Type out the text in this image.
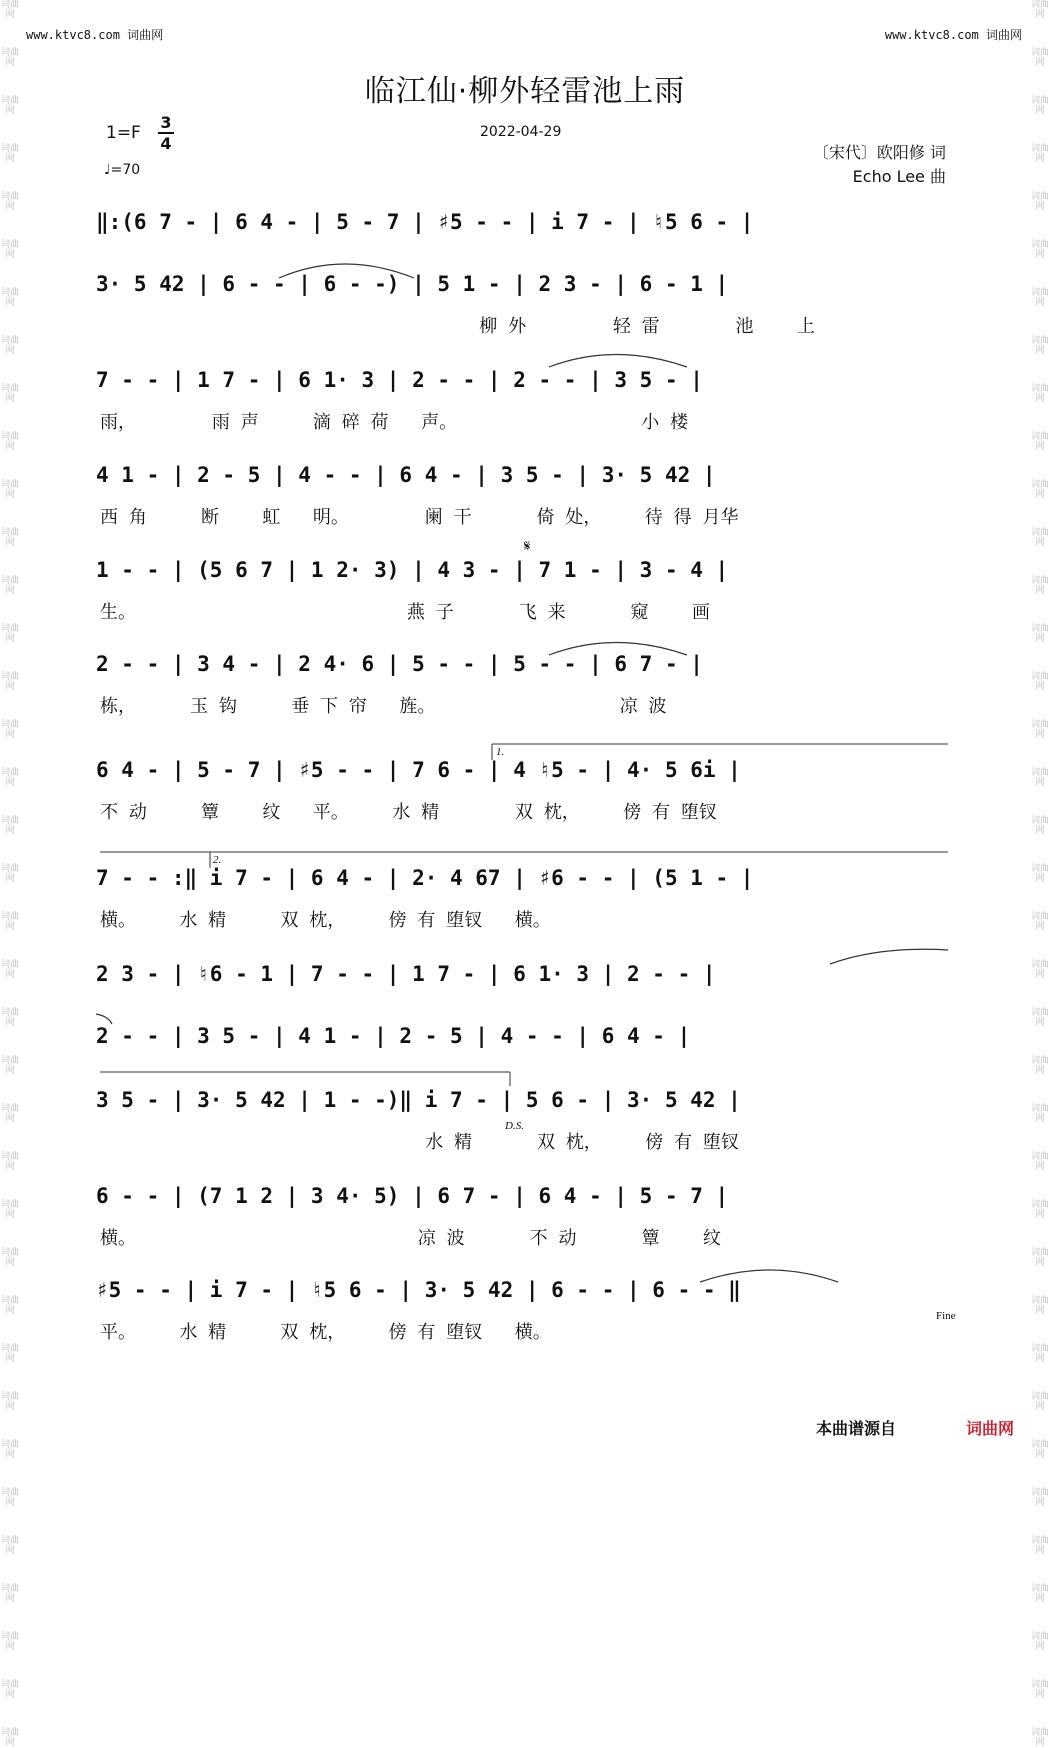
词曲网
词曲网
词曲网
词曲网
词曲网
词曲网
词曲网
词曲网
词曲网
词曲网
词曲网
词曲网
词曲网
词曲网
词曲网
词曲网
词曲网
词曲网
词曲网
词曲网
词曲网
词曲网
词曲网
词曲网
词曲网
词曲网
词曲网
词曲网
词曲网
词曲网
词曲网
词曲网
词曲网
词曲网
词曲网
词曲网
词曲网
词曲网
词曲网
词曲网
词曲网
词曲网
词曲网
词曲网
词曲网
词曲网
词曲网
词曲网
词曲网
词曲网
词曲网
词曲网
词曲网
词曲网
词曲网
词曲网
词曲网
词曲网
词曲网
词曲网
词曲网
词曲网
词曲网
词曲网
词曲网
词曲网
词曲网
词曲网
词曲网
词曲网
词曲网
词曲网
词曲网
词曲网
www.ktvc8.com 词曲网	www.ktvc8.com 词曲网
临江仙·柳外轻雷池上雨
1=F
3
4
♩=70
2022-04-29
〔宋代〕欧阳修 词
Echo Lee 曲
‖:(6 7 - | 6 4 - | 5 - 7 | ♯5 - - | i 7 - | ♮5 6 - |
3· 5 42 | 6 - - | 6 - -) | 5 1 - | 2 3 - | 6 - 1 |
柳 外        轻 雷       池    上
7 - - | 1 7 - | 6 1· 3 | 2 - - | 2 - - | 3 5 - |
雨，       雨 声     滴 碎 荷   声。                 小 楼
4 1 - | 2 - 5 | 4 - - | 6 4 - | 3 5 - | 3· 5 42 |
西 角     断    虹   明。       阑 干      倚 处，    待 得 月华
1 - - | (5 6 7 | 1 2· 3) | 4 3 - | 7 1 - | 3 - 4 |
生。                         燕 子      飞 来      窥    画
2 - - | 3 4 - | 2 4· 6 | 5 - - | 5 - - | 6 7 - |
栋，     玉 钩     垂 下 帘   旌。                 凉 波
6 4 - | 5 - 7 | ♯5 - - | 7 6 - | 4 ♮5 - | 4· 5 6i |
不 动     簟    纹   平。    水 精       双 枕，    傍 有 堕钗
7 - - :‖ i 7 - | 6 4 - | 2· 4 67 | ♯6 - - | (5 1 - |
横。    水 精     双 枕，    傍 有 堕钗   横。
2 3 - | ♮6 - 1 | 7 - - | 1 7 - | 6 1· 3 | 2 - - |
2 - - | 3 5 - | 4 1 - | 2 - 5 | 4 - - | 6 4 - |
3 5 - | 3· 5 42 | 1 - -)‖ i 7 - | 5 6 - | 3· 5 42 |
水 精      双 枕，    傍 有 堕钗
6 - - | (7 1 2 | 3 4· 5) | 6 7 - | 6 4 - | 5 - 7 |
横。                          凉 波      不 动      簟    纹
♯5 - - | i 7 - | ♮5 6 - | 3· 5 42 | 6 - - | 6 - - ‖
平。    水 精     双 枕，    傍 有 堕钗   横。
𝄋
1.
2.
D.S.
Fine
本曲谱源自	词曲网
